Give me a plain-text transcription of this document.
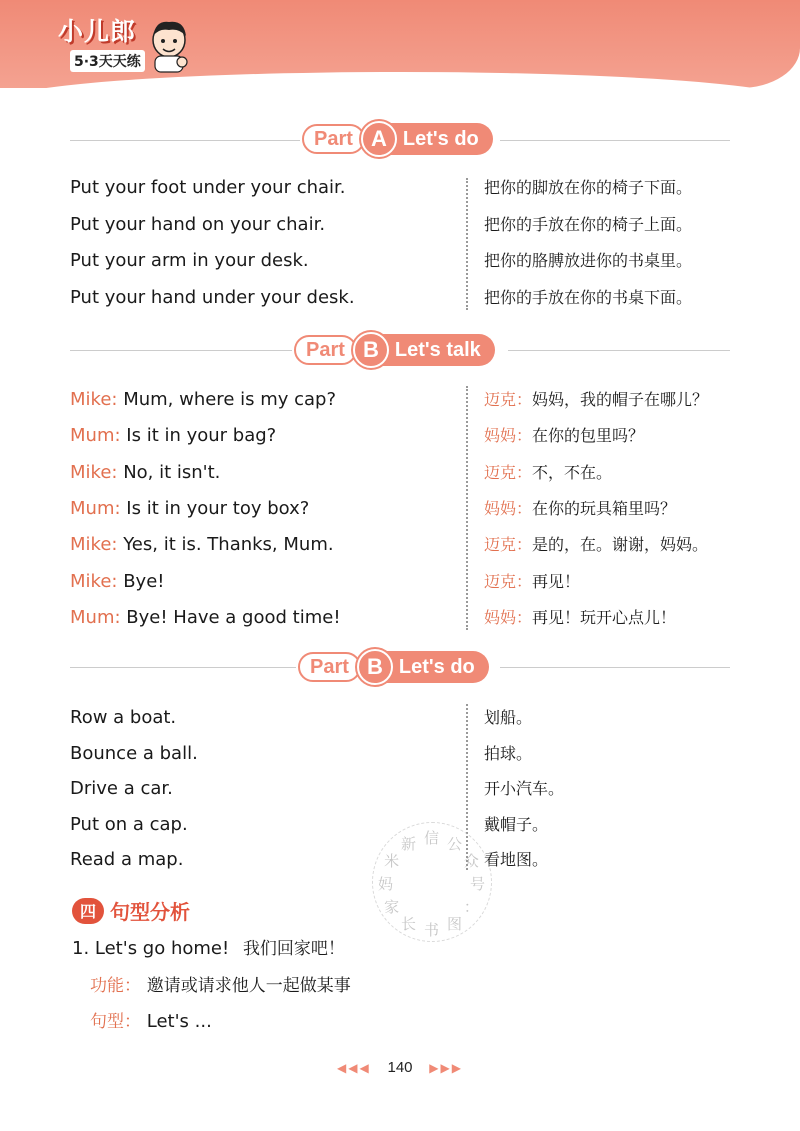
小儿郎
5·3天天练
Part A Let's do
Put your foot under your chair.	把你的脚放在你的椅子下面。
Put your hand on your chair.	把你的手放在你的椅子上面。
Put your arm in your desk.	把你的胳膊放进你的书桌里。
Put your hand under your desk.	把你的手放在你的书桌下面。
Part B Let's talk
Mike: Mum, where is my cap?	迈克：妈妈，我的帽子在哪儿？
Mum: Is it in your bag?	妈妈：在你的包里吗？
Mike: No, it isn't.	迈克：不，不在。
Mum: Is it in your toy box?	妈妈：在你的玩具箱里吗？
Mike: Yes, it is. Thanks, Mum.	迈克：是的，在。谢谢，妈妈。
Mike: Bye!	迈克：再见！
Mum: Bye! Have a good time!	妈妈：再见！玩开心点儿！
Part B Let's do
Row a boat.	划船。
Bounce a ball.	拍球。
Drive a car.	开小汽车。
Put on a cap.	戴帽子。
Read a map.	看地图。
信 公
众
号
：
图
书
长
家
妈
米
新
四 句型分析
1. Let's go home! 我们回家吧！
功能： 邀请或请求他人一起做某事
句型： Let's ...
◀◀◀ 140 ▶▶▶
